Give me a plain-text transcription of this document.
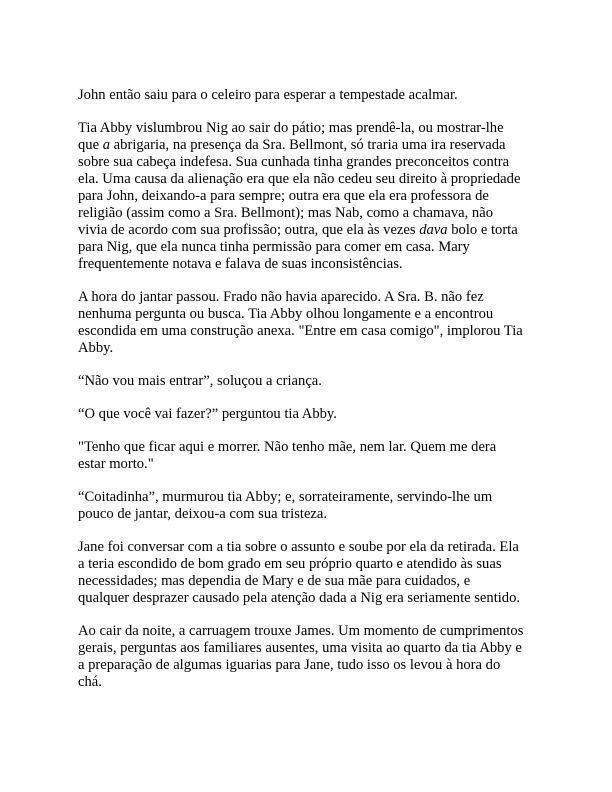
John então saiu para o celeiro para esperar a tempestade acalmar.

Tia Abby vislumbrou Nig ao sair do pátio; mas prendê-la, ou mostrar-lhe
que a abrigaria, na presença da Sra. Bellmont, só traria uma ira reservada
sobre sua cabeça indefesa. Sua cunhada tinha grandes preconceitos contra
ela. Uma causa da alienação era que ela não cedeu seu direito à propriedade
para John, deixando-a para sempre; outra era que ela era professora de
religião (assim como a Sra. Bellmont); mas Nab, como a chamava, não
vivia de acordo com sua profissão; outra, que ela às vezes dava bolo e torta
para Nig, que ela nunca tinha permissão para comer em casa. Mary
frequentemente notava e falava de suas inconsistências.

A hora do jantar passou. Frado não havia aparecido. A Sra. B. não fez
nenhuma pergunta ou busca. Tia Abby olhou longamente e a encontrou
escondida em uma construção anexa. "Entre em casa comigo", implorou Tia
Abby.

“Não vou mais entrar”, soluçou a criança.

“O que você vai fazer?” perguntou tia Abby.

"Tenho que ficar aqui e morrer. Não tenho mãe, nem lar. Quem me dera
estar morto."

“Coitadinha”, murmurou tia Abby; e, sorrateiramente, servindo-lhe um
pouco de jantar, deixou-a com sua tristeza.

Jane foi conversar com a tia sobre o assunto e soube por ela da retirada. Ela
a teria escondido de bom grado em seu próprio quarto e atendido às suas
necessidades; mas dependia de Mary e de sua mãe para cuidados, e
qualquer desprazer causado pela atenção dada a Nig era seriamente sentido.

Ao cair da noite, a carruagem trouxe James. Um momento de cumprimentos
gerais, perguntas aos familiares ausentes, uma visita ao quarto da tia Abby e
a preparação de algumas iguarias para Jane, tudo isso os levou à hora do
chá.
